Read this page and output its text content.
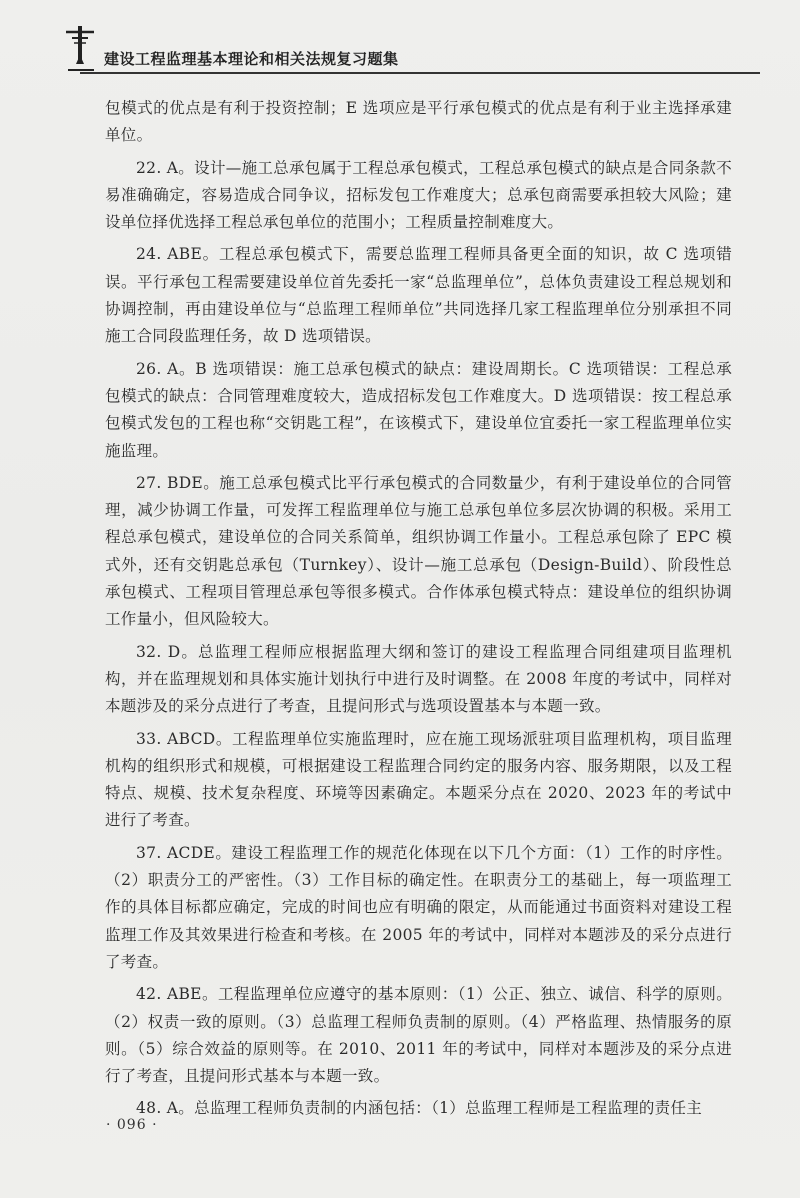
建设工程监理基本理论和相关法规复习题集

包模式的优点是有利于投资控制；E 选项应是平行承包模式的优点是有利于业主选择承建单位。

22. A。设计—施工总承包属于工程总承包模式，工程总承包模式的缺点是合同条款不易准确确定，容易造成合同争议，招标发包工作难度大；总承包商需要承担较大风险；建设单位择优选择工程总承包单位的范围小；工程质量控制难度大。

24. ABE。工程总承包模式下，需要总监理工程师具备更全面的知识，故 C 选项错误。平行承包工程需要建设单位首先委托一家“总监理单位”，总体负责建设工程总规划和协调控制，再由建设单位与“总监理工程师单位”共同选择几家工程监理单位分别承担不同施工合同段监理任务，故 D 选项错误。

26. A。B 选项错误：施工总承包模式的缺点：建设周期长。C 选项错误：工程总承包模式的缺点：合同管理难度较大，造成招标发包工作难度大。D 选项错误：按工程总承包模式发包的工程也称“交钥匙工程”，在该模式下，建设单位宜委托一家工程监理单位实施监理。

27. BDE。施工总承包模式比平行承包模式的合同数量少，有利于建设单位的合同管理，减少协调工作量，可发挥工程监理单位与施工总承包单位多层次协调的积极。采用工程总承包模式，建设单位的合同关系简单，组织协调工作量小。工程总承包除了 EPC 模式外，还有交钥匙总承包（Turnkey）、设计—施工总承包（Design-Build）、阶段性总承包模式、工程项目管理总承包等很多模式。合作体承包模式特点：建设单位的组织协调工作量小，但风险较大。

32. D。总监理工程师应根据监理大纲和签订的建设工程监理合同组建项目监理机构，并在监理规划和具体实施计划执行中进行及时调整。在 2008 年度的考试中，同样对本题涉及的采分点进行了考查，且提问形式与选项设置基本与本题一致。

33. ABCD。工程监理单位实施监理时，应在施工现场派驻项目监理机构，项目监理机构的组织形式和规模，可根据建设工程监理合同约定的服务内容、服务期限，以及工程特点、规模、技术复杂程度、环境等因素确定。本题采分点在 2020、2023 年的考试中进行了考查。

37. ACDE。建设工程监理工作的规范化体现在以下几个方面：（1）工作的时序性。（2）职责分工的严密性。（3）工作目标的确定性。在职责分工的基础上，每一项监理工作的具体目标都应确定，完成的时间也应有明确的限定，从而能通过书面资料对建设工程监理工作及其效果进行检查和考核。在 2005 年的考试中，同样对本题涉及的采分点进行了考查。

42. ABE。工程监理单位应遵守的基本原则：（1）公正、独立、诚信、科学的原则。（2）权责一致的原则。（3）总监理工程师负责制的原则。（4）严格监理、热情服务的原则。（5）综合效益的原则等。在 2010、2011 年的考试中，同样对本题涉及的采分点进行了考查，且提问形式基本与本题一致。

48. A。总监理工程师负责制的内涵包括：（1）总监理工程师是工程监理的责任主

· 096 ·
